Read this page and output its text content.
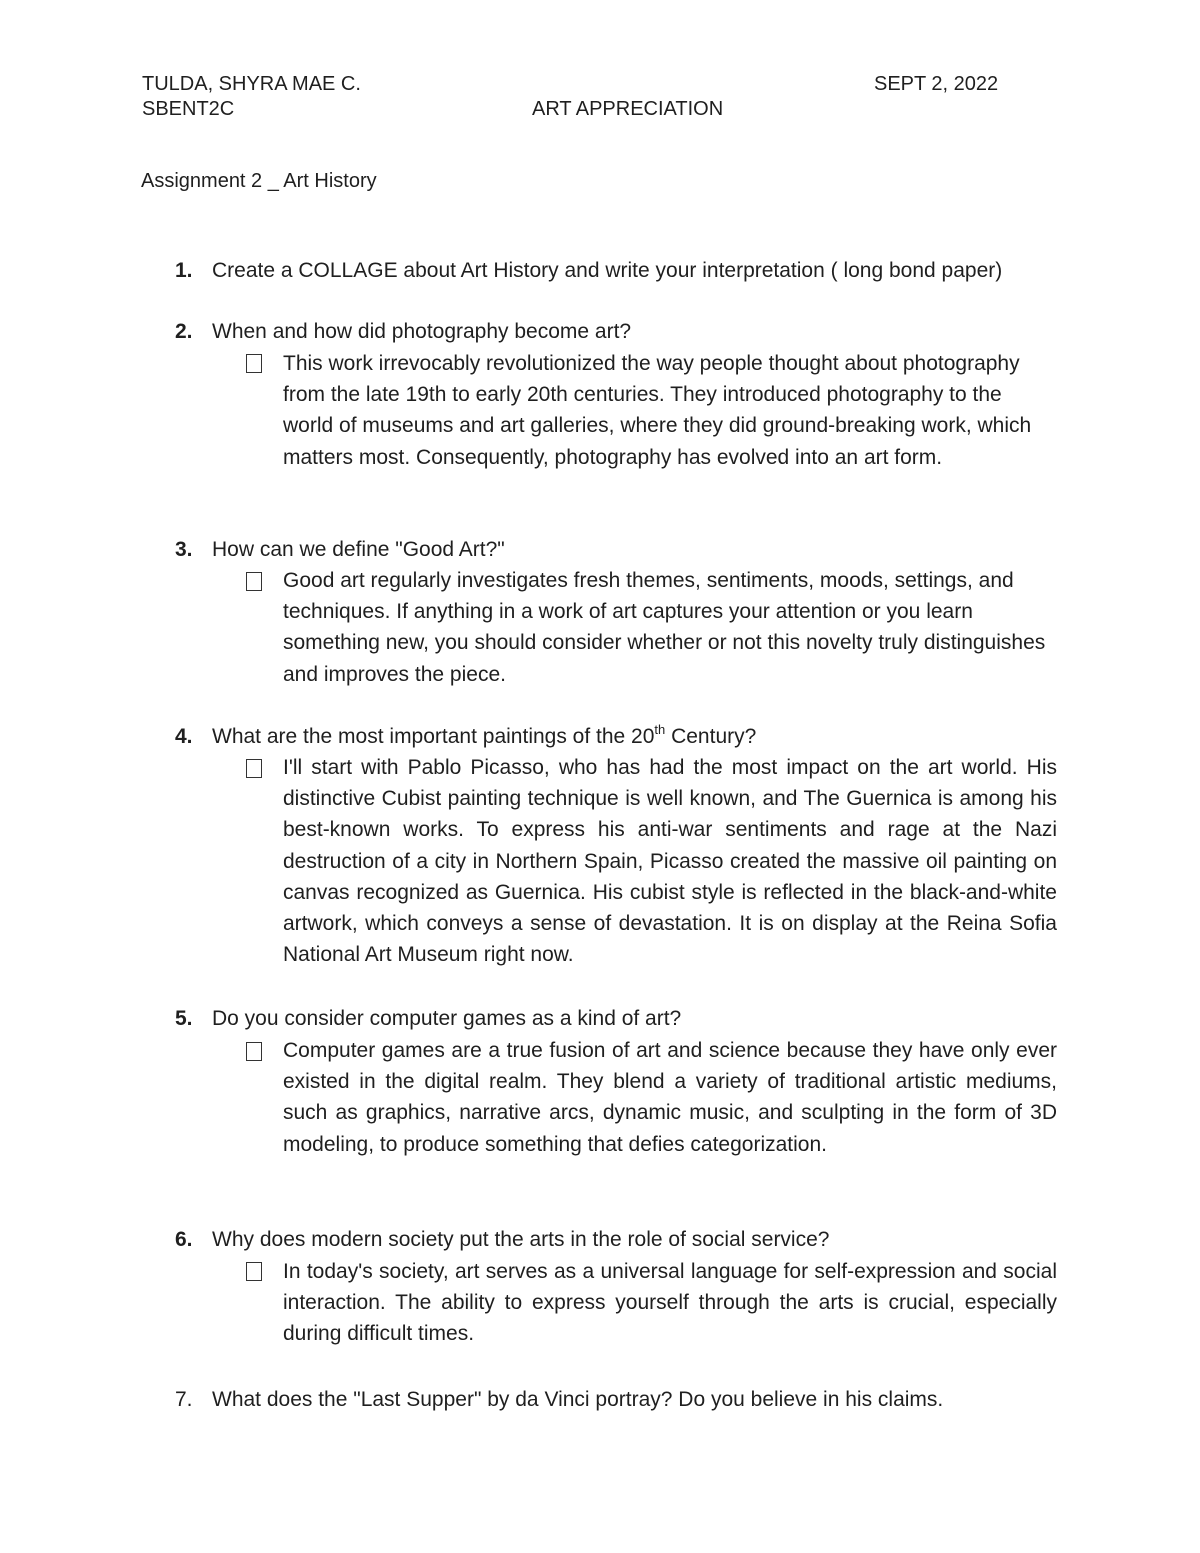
TULDA, SHYRA MAE C.	SEPT 2, 2022
SBENT2C	ART APPRECIATION
Assignment 2 _ Art History
1. Create a COLLAGE about Art History and write your interpretation ( long bond paper)
2. When and how did photography become art?
This work irrevocably revolutionized the way people thought about photography from the late 19th to early 20th centuries. They introduced photography to the world of museums and art galleries, where they did ground-breaking work, which matters most. Consequently, photography has evolved into an art form.
3. How can we define "Good Art?"
Good art regularly investigates fresh themes, sentiments, moods, settings, and techniques. If anything in a work of art captures your attention or you learn something new, you should consider whether or not this novelty truly distinguishes and improves the piece.
4. What are the most important paintings of the 20th Century?
I'll start with Pablo Picasso, who has had the most impact on the art world. His distinctive Cubist painting technique is well known, and The Guernica is among his best-known works. To express his anti-war sentiments and rage at the Nazi destruction of a city in Northern Spain, Picasso created the massive oil painting on canvas recognized as Guernica. His cubist style is reflected in the black-and-white artwork, which conveys a sense of devastation. It is on display at the Reina Sofia National Art Museum right now.
5. Do you consider computer games as a kind of art?
Computer games are a true fusion of art and science because they have only ever existed in the digital realm. They blend a variety of traditional artistic mediums, such as graphics, narrative arcs, dynamic music, and sculpting in the form of 3D modeling, to produce something that defies categorization.
6. Why does modern society put the arts in the role of social service?
In today's society, art serves as a universal language for self-expression and social interaction. The ability to express yourself through the arts is crucial, especially during difficult times.
7. What does the "Last Supper" by da Vinci portray? Do you believe in his claims.
